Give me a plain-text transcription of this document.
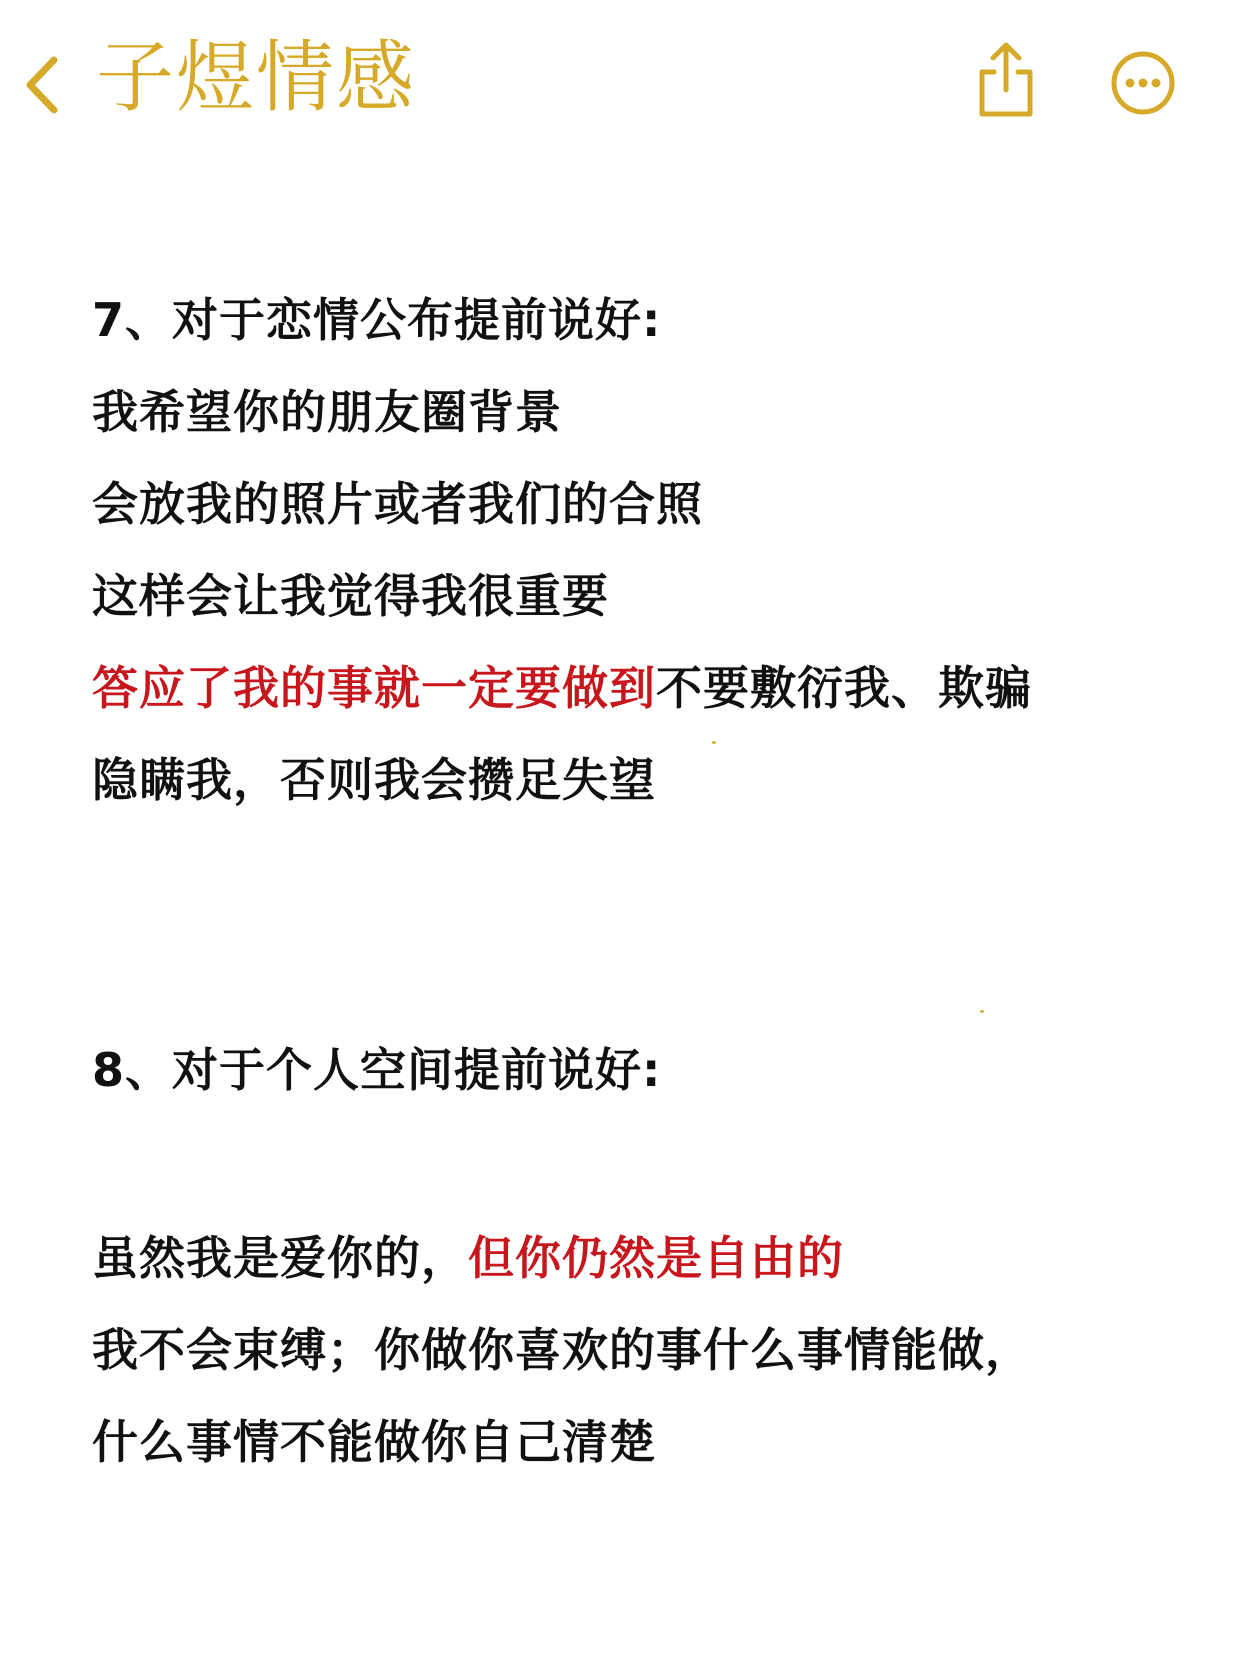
子煜情感
7、对于恋情公布提前说好:
我希望你的朋友圈背景
会放我的照片或者我们的合照
这样会让我觉得我很重要
答应了我的事就一定要做到不要敷衍我、欺骗
隐瞒我，否则我会攒足失望
8、对于个人空间提前说好:
虽然我是爱你的，但你仍然是自由的
我不会束缚；你做你喜欢的事什么事情能做，
什么事情不能做你自己清楚
